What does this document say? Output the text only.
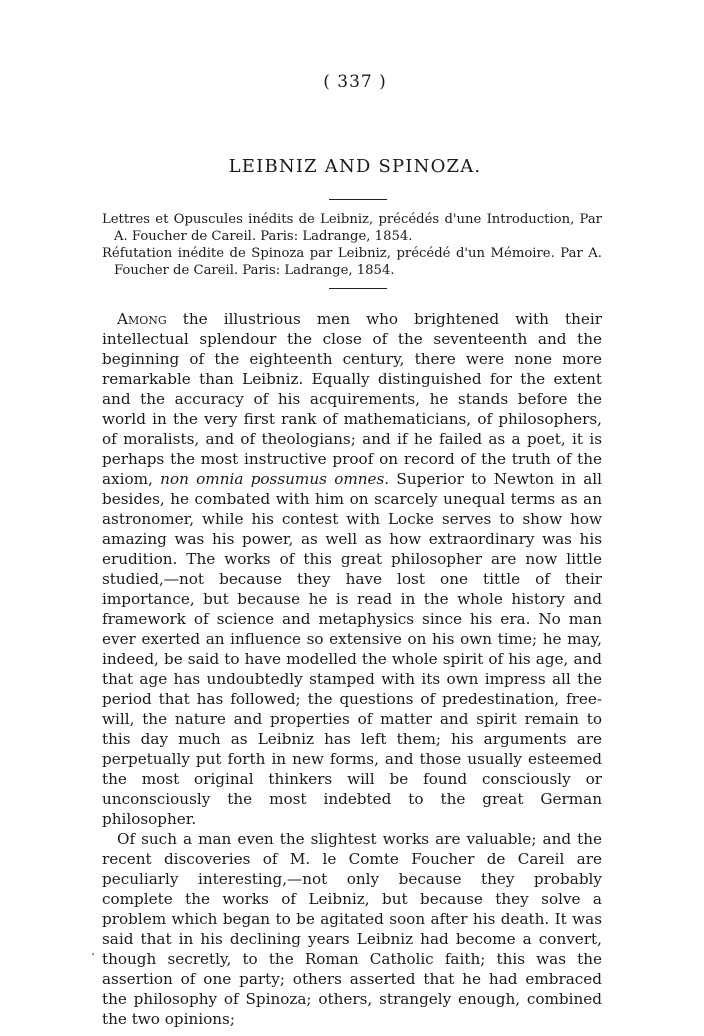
( 337 )
LEIBNIZ AND SPINOZA.
Lettres et Opuscules inédits de Leibniz, précédés d'une Introduction, Par A. Foucher de Careil. Paris: Ladrange, 1854.
Réfutation inédite de Spinoza par Leibniz, précédé d'un Mémoire. Par A. Foucher de Careil. Paris: Ladrange, 1854.

Among the illustrious men who brightened with their intellectual splendour the close of the seventeenth and the beginning of the eighteenth century, there were none more remarkable than Leibniz. Equally distinguished for the extent and the accuracy of his acquirements, he stands before the world in the very first rank of mathematicians, of philosophers, of moralists, and of theologians; and if he failed as a poet, it is perhaps the most instructive proof on record of the truth of the axiom, non omnia possumus omnes. Superior to Newton in all besides, he combated with him on scarcely unequal terms as an astronomer, while his contest with Locke serves to show how amazing was his power, as well as how extraordinary was his erudition. The works of this great philosopher are now little studied,—not because they have lost one tittle of their importance, but because he is read in the whole history and framework of science and metaphysics since his era. No man ever exerted an influence so extensive on his own time; he may, indeed, be said to have modelled the whole spirit of his age, and that age has undoubtedly stamped with its own impress all the period that has followed; the questions of predestination, free-will, the nature and properties of matter and spirit remain to this day much as Leibniz has left them; his arguments are perpetually put forth in new forms, and those usually esteemed the most original thinkers will be found consciously or unconsciously the most indebted to the great German philosopher.

Of such a man even the slightest works are valuable; and the recent discoveries of M. le Comte Foucher de Careil are peculiarly interesting,—not only because they probably complete the works of Leibniz, but because they solve a problem which began to be agitated soon after his death. It was said that in his declining years Leibniz had become a convert, though secretly, to the Roman Catholic faith; this was the assertion of one party; others asserted that he had embraced the philosophy of Spinoza; others, strangely enough, combined the two opinions;

.
